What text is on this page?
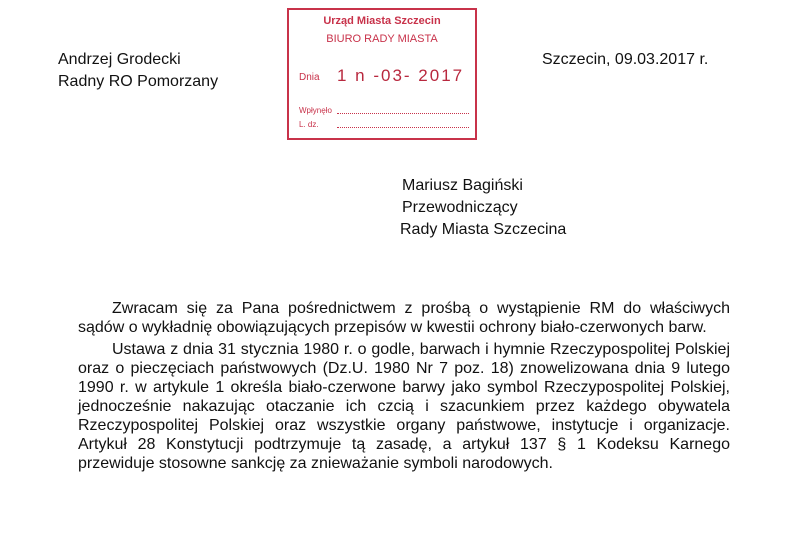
Urząd Miasta Szczecin
BIURO RADY MIASTA
Dnia 1 n -03- 2017
Wpłynęło
L. dz.
Andrzej Grodecki
Radny RO Pomorzany
Szczecin, 09.03.2017 r.
Mariusz Bagiński
Przewodniczący
Rady Miasta Szczecina

Zwracam się za Pana pośrednictwem z prośbą o wystąpienie RM do właściwych sądów o wykładnię obowiązujących przepisów w kwestii ochrony biało-czerwonych barw.

Ustawa z dnia 31 stycznia 1980 r. o godle, barwach i hymnie Rzeczypospolitej Polskiej oraz o pieczęciach państwowych (Dz.U. 1980 Nr 7 poz. 18) znowelizowana dnia 9 lutego 1990 r. w artykule 1 określa biało-czerwone barwy jako symbol Rzeczypospolitej Polskiej, jednocześnie nakazując otaczanie ich czcią i szacunkiem przez każdego obywatela Rzeczypospolitej Polskiej oraz wszystkie organy państwowe, instytucje i organizacje. Artykuł 28 Konstytucji podtrzymuje tą zasadę, a artykuł 137 § 1 Kodeksu Karnego przewiduje stosowne sankcję za znieważanie symboli narodowych.
